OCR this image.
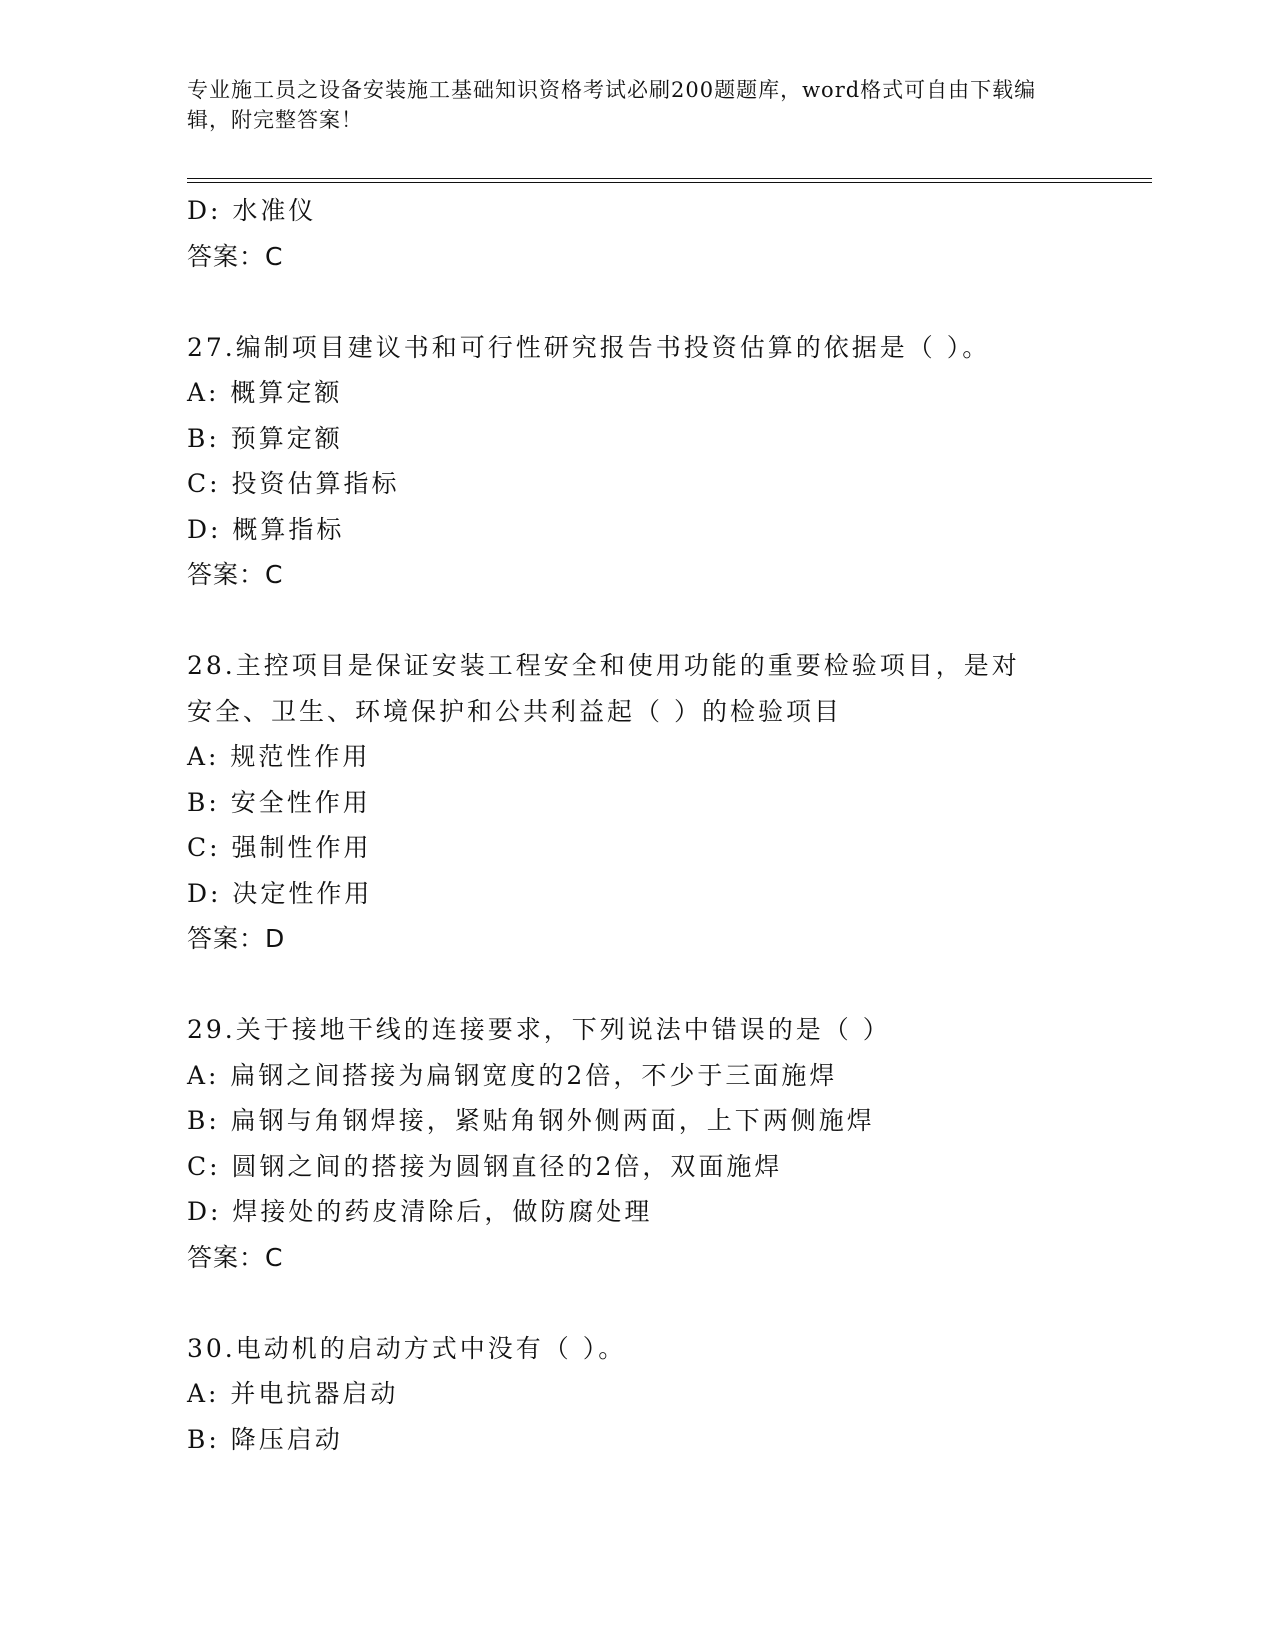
专业施工员之设备安装施工基础知识资格考试必刷200题题库，word格式可自由下载编辑，附完整答案！
D: 水准仪
答案：C
27.编制项目建议书和可行性研究报告书投资估算的依据是（ ）。
A: 概算定额
B: 预算定额
C: 投资估算指标
D: 概算指标
答案：C
28.主控项目是保证安装工程安全和使用功能的重要检验项目，是对安全、卫生、环境保护和公共利益起（ ）的检验项目
A: 规范性作用
B: 安全性作用
C: 强制性作用
D: 决定性作用
答案：D
29.关于接地干线的连接要求，下列说法中错误的是（ ）
A: 扁钢之间搭接为扁钢宽度的2倍，不少于三面施焊
B: 扁钢与角钢焊接，紧贴角钢外侧两面，上下两侧施焊
C: 圆钢之间的搭接为圆钢直径的2倍，双面施焊
D: 焊接处的药皮清除后，做防腐处理
答案：C
30.电动机的启动方式中没有（ ）。
A: 并电抗器启动
B: 降压启动
